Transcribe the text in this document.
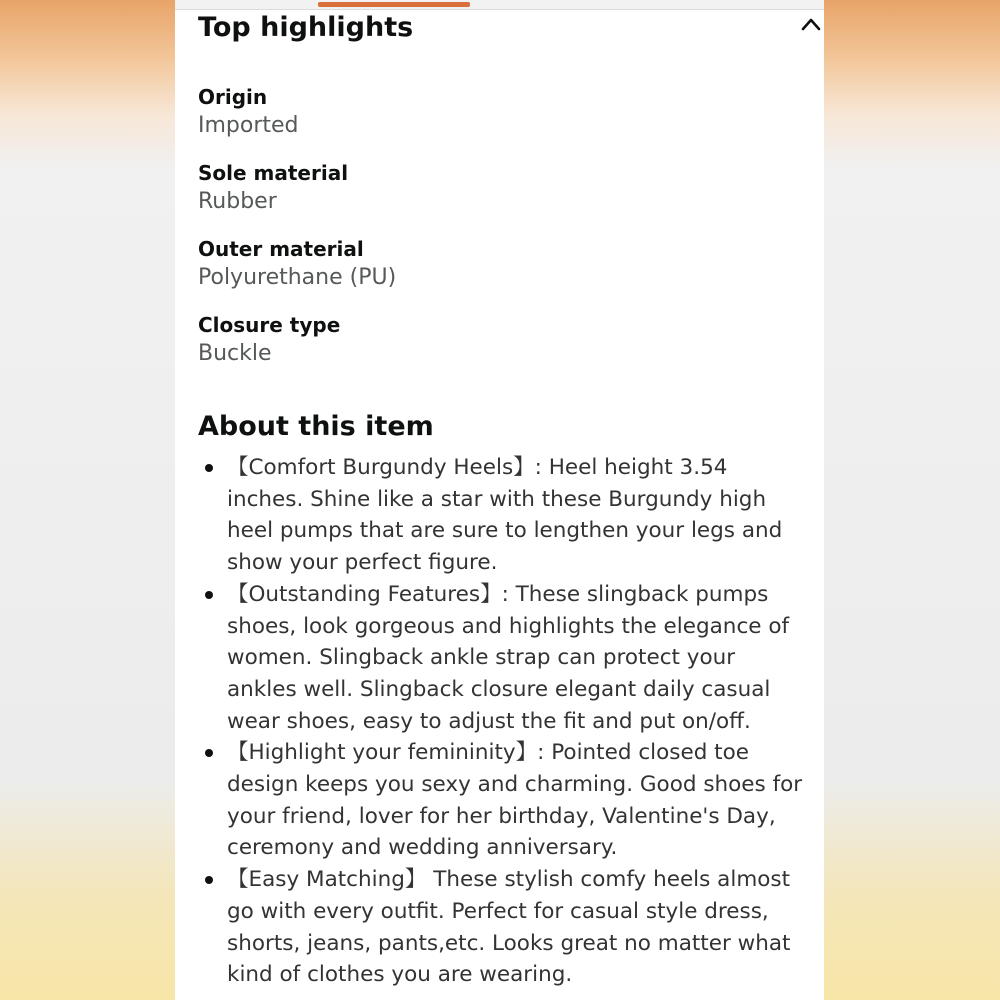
Top highlights
Origin
Imported
Sole material
Rubber
Outer material
Polyurethane (PU)
Closure type
Buckle
About this item
【Comfort Burgundy Heels】: Heel height 3.54 inches. Shine like a star with these Burgundy high heel pumps that are sure to lengthen your legs and show your perfect figure.
【Outstanding Features】: These slingback pumps shoes, look gorgeous and highlights the elegance of women. Slingback ankle strap can protect your ankles well. Slingback closure elegant daily casual wear shoes, easy to adjust the fit and put on/off.
【Highlight your femininity】: Pointed closed toe design keeps you sexy and charming. Good shoes for your friend, lover for her birthday, Valentine's Day, ceremony and wedding anniversary.
【Easy Matching】 These stylish comfy heels almost go with every outfit. Perfect for casual style dress, shorts, jeans, pants,etc. Looks great no matter what kind of clothes you are wearing.
